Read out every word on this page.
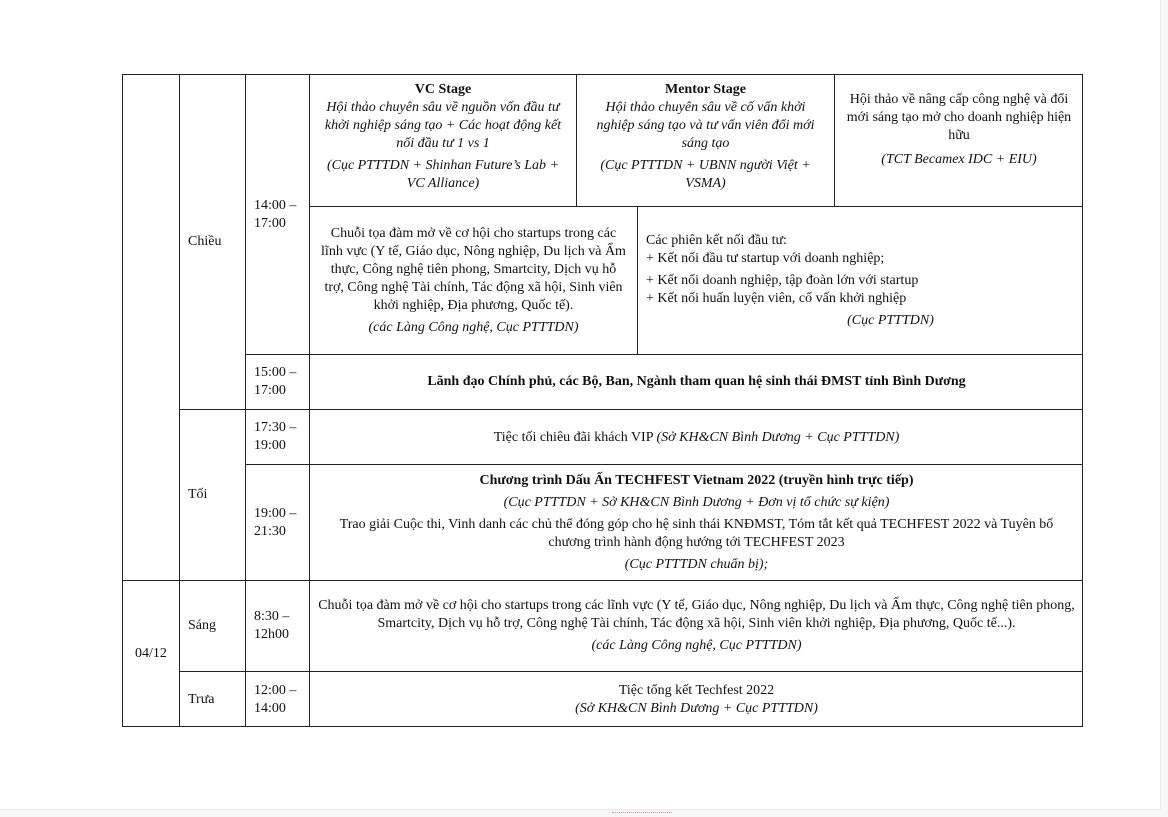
04/12
Chiều
Tối
Sáng
Trưa
14:00 – 17:00
15:00 – 17:00
17:30 – 19:00
19:00 – 21:30
8:30 – 12h00
12:00 – 14:00
VC Stage
Hội thảo chuyên sâu về nguồn vốn đầu tư khởi nghiệp sáng tạo + Các hoạt động kết nối đầu tư 1 vs 1
(Cục PTTTDN + Shinhan Future’s Lab + VC Alliance)
Mentor Stage
Hội thảo chuyên sâu về cố vấn khởi nghiệp sáng tạo và tư vấn viên đổi mới sáng tạo
(Cục PTTTDN + UBNN người Việt + VSMA)
Hội thảo về nâng cấp công nghệ và đổi mới sáng tạo mở cho doanh nghiệp hiện hữu
(TCT Becamex IDC + EIU)
Chuỗi tọa đàm mở về cơ hội cho startups trong các lĩnh vực (Y tế, Giáo dục, Nông nghiệp, Du lịch và Ẩm thực, Công nghệ tiên phong, Smartcity, Dịch vụ hỗ trợ, Công nghệ Tài chính, Tác động xã hội, Sinh viên khởi nghiệp, Địa phương, Quốc tế).
(các Làng Công nghệ, Cục PTTTDN)
Các phiên kết nối đầu tư:
+ Kết nối đầu tư startup với doanh nghiệp;
+ Kết nối doanh nghiệp, tập đoàn lớn với startup
+ Kết nối huấn luyện viên, cố vấn khởi nghiệp
(Cục PTTTDN)
Lãnh đạo Chính phủ, các Bộ, Ban, Ngành tham quan hệ sinh thái ĐMST tỉnh Bình Dương
Tiệc tối chiêu đãi khách VIP (Sở KH&CN Bình Dương + Cục PTTTDN)
Chương trình Dấu Ấn TECHFEST Vietnam 2022 (truyền hình trực tiếp)
(Cục PTTTDN + Sở KH&CN Bình Dương + Đơn vị tổ chức sự kiện)
Trao giải Cuộc thi, Vinh danh các chủ thể đóng góp cho hệ sinh thái KNĐMST, Tóm tắt kết quả TECHFEST 2022 và Tuyên bố chương trình hành động hướng tới TECHFEST 2023
(Cục PTTTDN chuẩn bị);
Chuỗi tọa đàm mở về cơ hội cho startups trong các lĩnh vực (Y tế, Giáo dục, Nông nghiệp, Du lịch và Ẩm thực, Công nghệ tiên phong, Smartcity, Dịch vụ hỗ trợ, Công nghệ Tài chính, Tác động xã hội, Sinh viên khởi nghiệp, Địa phương, Quốc tế...).
(các Làng Công nghệ, Cục PTTTDN)
Tiệc tổng kết Techfest 2022
(Sở KH&CN Bình Dương + Cục PTTTDN)
